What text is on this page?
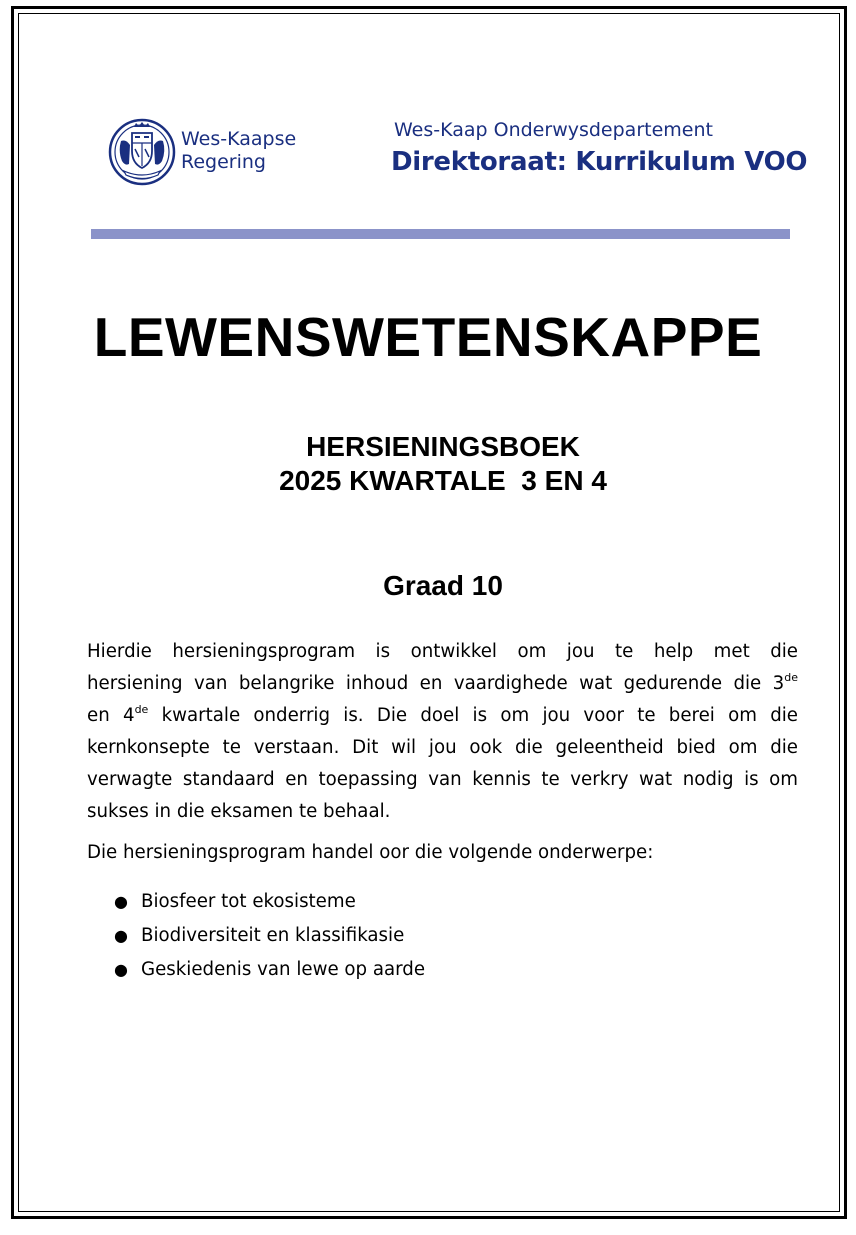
Wes-Kaapse
Regering
Wes-Kaap Onderwysdepartement
Direktoraat: Kurrikulum VOO
LEWENSWETENSKAPPE
HERSIENINGSBOEK
2025 KWARTALE  3 EN 4
Graad 10
Hierdie hersieningsprogram is ontwikkel om jou te help met die
hersiening van belangrike inhoud en vaardighede wat gedurende die 3de
en 4de kwartale onderrig is. Die doel is om jou voor te berei om die
kernkonsepte te verstaan. Dit wil jou ook die geleentheid bied om die
verwagte standaard en toepassing van kennis te verkry wat nodig is om
sukses in die eksamen te behaal.
Die hersieningsprogram handel oor die volgende onderwerpe:
● Biosfeer tot ekosisteme
● Biodiversiteit en klassifikasie
● Geskiedenis van lewe op aarde
